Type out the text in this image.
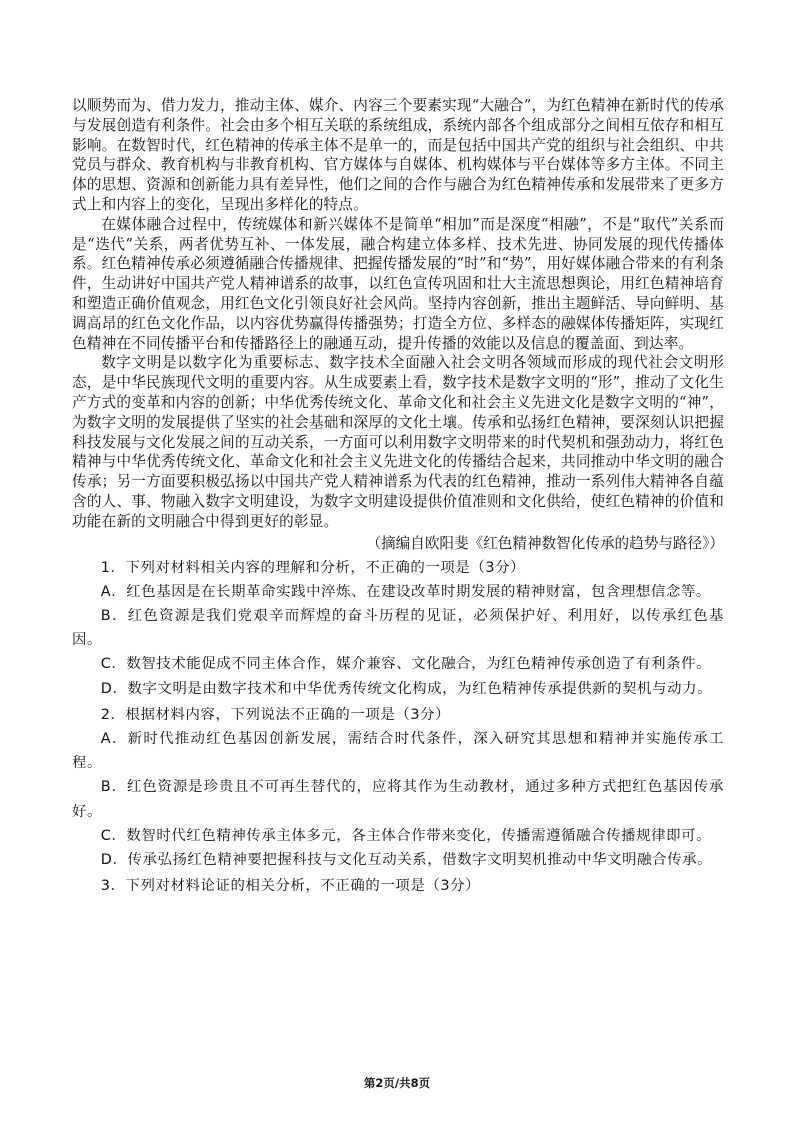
以顺势而为、借力发力，推动主体、媒介、内容三个要素实现“大融合”，为红色精神在新时代的传承与发展创造有利条件。社会由多个相互关联的系统组成，系统内部各个组成部分之间相互依存和相互影响。在数智时代，红色精神的传承主体不是单一的，而是包括中国共产党的组织与社会组织、中共党员与群众、教育机构与非教育机构、官方媒体与自媒体、机构媒体与平台媒体等多方主体。不同主体的思想、资源和创新能力具有差异性，他们之间的合作与融合为红色精神传承和发展带来了更多方式上和内容上的变化，呈现出多样化的特点。

在媒体融合过程中，传统媒体和新兴媒体不是简单“相加”而是深度“相融”，不是“取代”关系而是“迭代”关系，两者优势互补、一体发展，融合构建立体多样、技术先进、协同发展的现代传播体系。红色精神传承必须遵循融合传播规律、把握传播发展的“时”和“势”，用好媒体融合带来的有利条件，生动讲好中国共产党人精神谱系的故事，以红色宣传巩固和壮大主流思想舆论，用红色精神培育和塑造正确价值观念，用红色文化引领良好社会风尚。坚持内容创新，推出主题鲜活、导向鲜明、基调高昂的红色文化作品，以内容优势赢得传播强势；打造全方位、多样态的融媒体传播矩阵，实现红色精神在不同传播平台和传播路径上的融通互动，提升传播的效能以及信息的覆盖面、到达率。

数字文明是以数字化为重要标志、数字技术全面融入社会文明各领域而形成的现代社会文明形态，是中华民族现代文明的重要内容。从生成要素上看，数字技术是数字文明的“形”，推动了文化生产方式的变革和内容的创新；中华优秀传统文化、革命文化和社会主义先进文化是数字文明的“神”，为数字文明的发展提供了坚实的社会基础和深厚的文化土壤。传承和弘扬红色精神，要深刻认识把握科技发展与文化发展之间的互动关系，一方面可以利用数字文明带来的时代契机和强劲动力，将红色精神与中华优秀传统文化、革命文化和社会主义先进文化的传播结合起来，共同推动中华文明的融合传承；另一方面要积极弘扬以中国共产党人精神谱系为代表的红色精神，推动一系列伟大精神各自蕴含的人、事、物融入数字文明建设，为数字文明建设提供价值准则和文化供给，使红色精神的价值和功能在新的文明融合中得到更好的彰显。

（摘编自欧阳斐《红色精神数智化传承的趋势与路径》）

1．下列对材料相关内容的理解和分析，不正确的一项是（3分）

A．红色基因是在长期革命实践中淬炼、在建设改革时期发展的精神财富，包含理想信念等。

B．红色资源是我们党艰辛而辉煌的奋斗历程的见证，必须保护好、利用好，以传承红色基因。

C．数智技术能促成不同主体合作，媒介兼容、文化融合，为红色精神传承创造了有利条件。

D．数字文明是由数字技术和中华优秀传统文化构成，为红色精神传承提供新的契机与动力。

2．根据材料内容，下列说法不正确的一项是（3分）

A．新时代推动红色基因创新发展，需结合时代条件，深入研究其思想和精神并实施传承工程。

B．红色资源是珍贵且不可再生替代的，应将其作为生动教材，通过多种方式把红色基因传承好。

C．数智时代红色精神传承主体多元，各主体合作带来变化，传播需遵循融合传播规律即可。

D．传承弘扬红色精神要把握科技与文化互动关系，借数字文明契机推动中华文明融合传承。

3．下列对材料论证的相关分析，不正确的一项是（3分）

第2页/共8页
